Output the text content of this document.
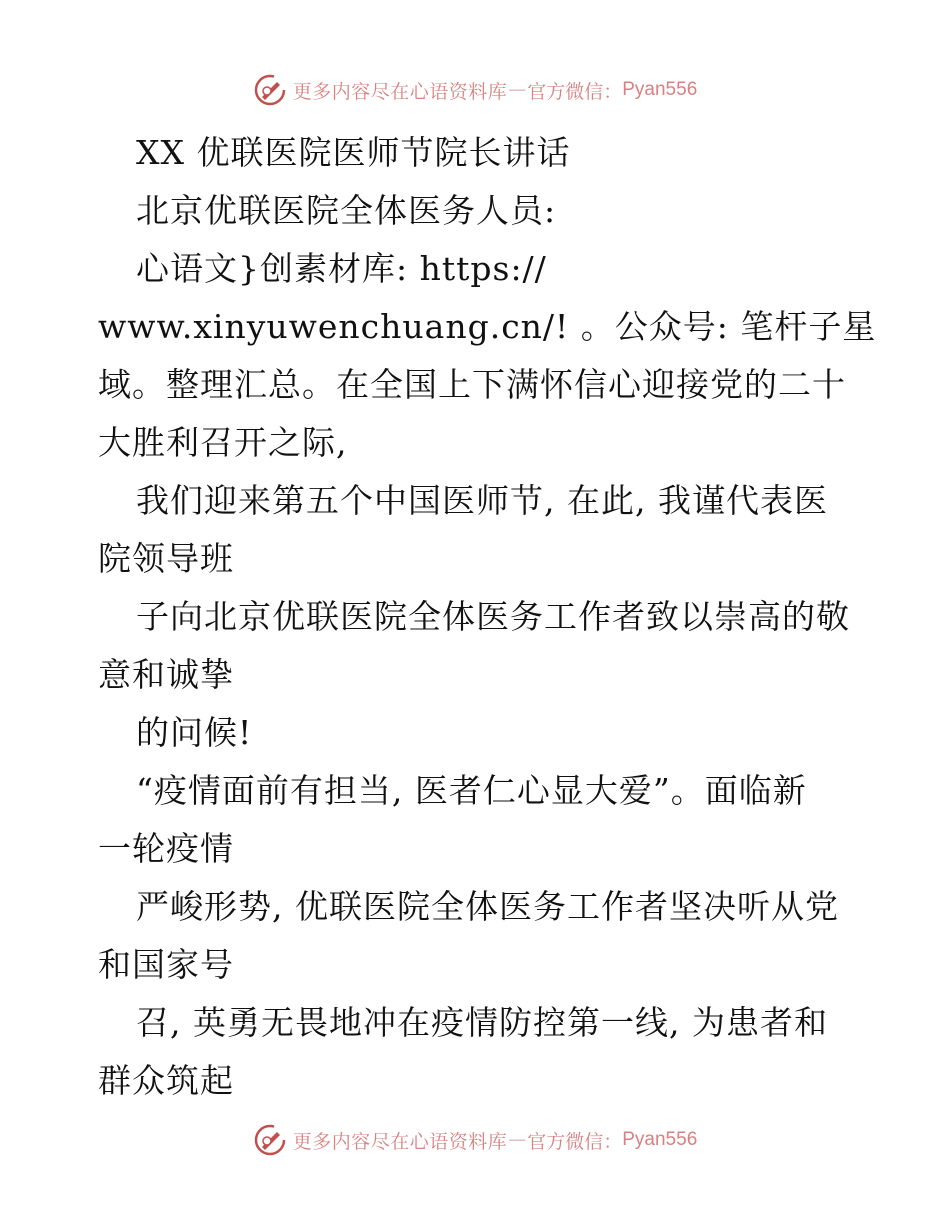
更多内容尽在心语资料库 — 官方微信： Pyan556
XX 优联医院医师节院长讲话
北京优联医院全体医务人员:
心语文}创素材库: https://
www.xinyuwenchuang.cn/! 。公众号: 笔杆子星
域。整理汇总。在全国上下满怀信心迎接党的二十
大胜利召开之际,
我们迎来第五个中国医师节, 在此, 我谨代表医
院领导班
子向北京优联医院全体医务工作者致以崇高的敬
意和诚挚
的问候!
“疫情面前有担当, 医者仁心显大爱”。面临新
一轮疫情
严峻形势, 优联医院全体医务工作者坚决听从党
和国家号
召, 英勇无畏地冲在疫情防控第一线, 为患者和
群众筑起
更多内容尽在心语资料库 — 官方微信： Pyan556
